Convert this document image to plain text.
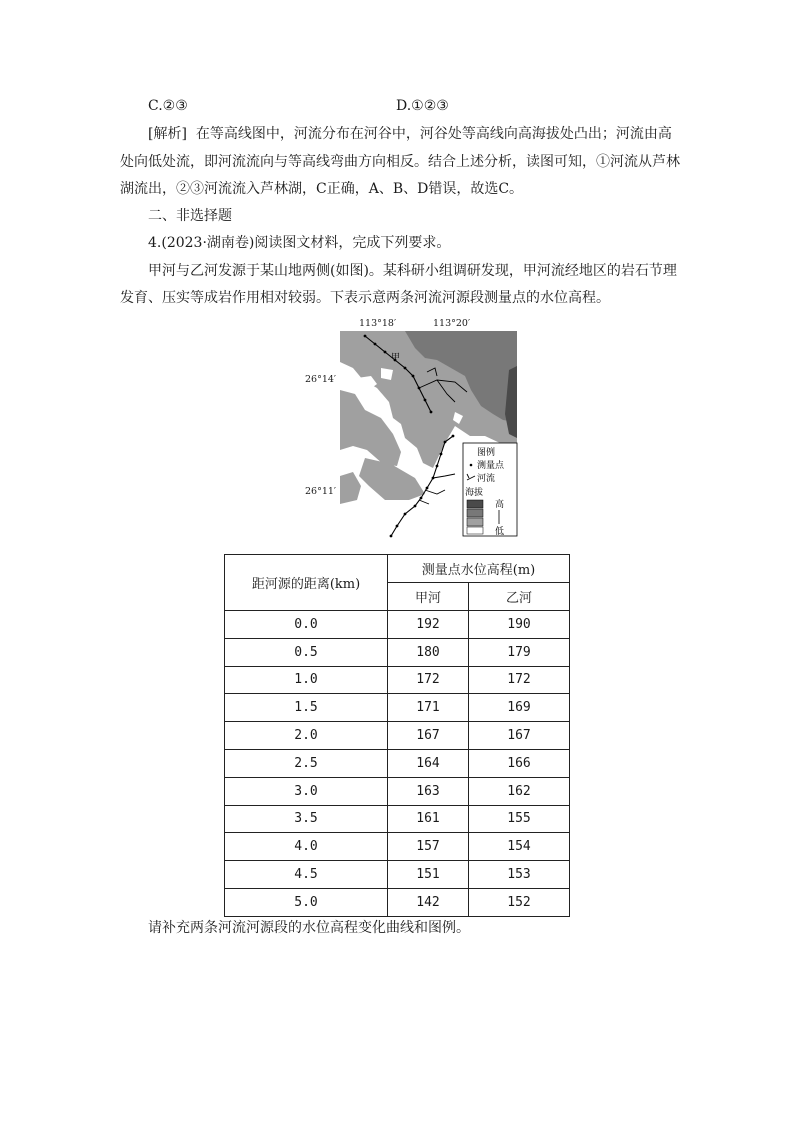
C.②③	D.①②③
[解析] 在等高线图中，河流分布在河谷中，河谷处等高线向高海拔处凸出；河流由高
处向低处流，即河流流向与等高线弯曲方向相反。结合上述分析，读图可知，①河流从芦林
湖流出，②③河流流入芦林湖，C正确，A、B、D错误，故选C。
二、非选择题
4.(2023·湖南卷)阅读图文材料，完成下列要求。
甲河与乙河发源于某山地两侧(如图)。某科研小组调研发现，甲河流经地区的岩石节理
发育、压实等成岩作用相对较弱。下表示意两条河流河源段测量点的水位高程。
113°18′	113°20′
26°14′
26°11′
甲
图例
测量点
河流
海拔
高
低
距河源的距离(km)	测量点水位高程(m)	
	甲河	乙河
0.0	192	190
0.5	180	179
1.0	172	172
1.5	171	169
2.0	167	167
2.5	164	166
3.0	163	162
3.5	161	155
4.0	157	154
4.5	151	153
5.0	142	152
请补充两条河流河源段的水位高程变化曲线和图例。
